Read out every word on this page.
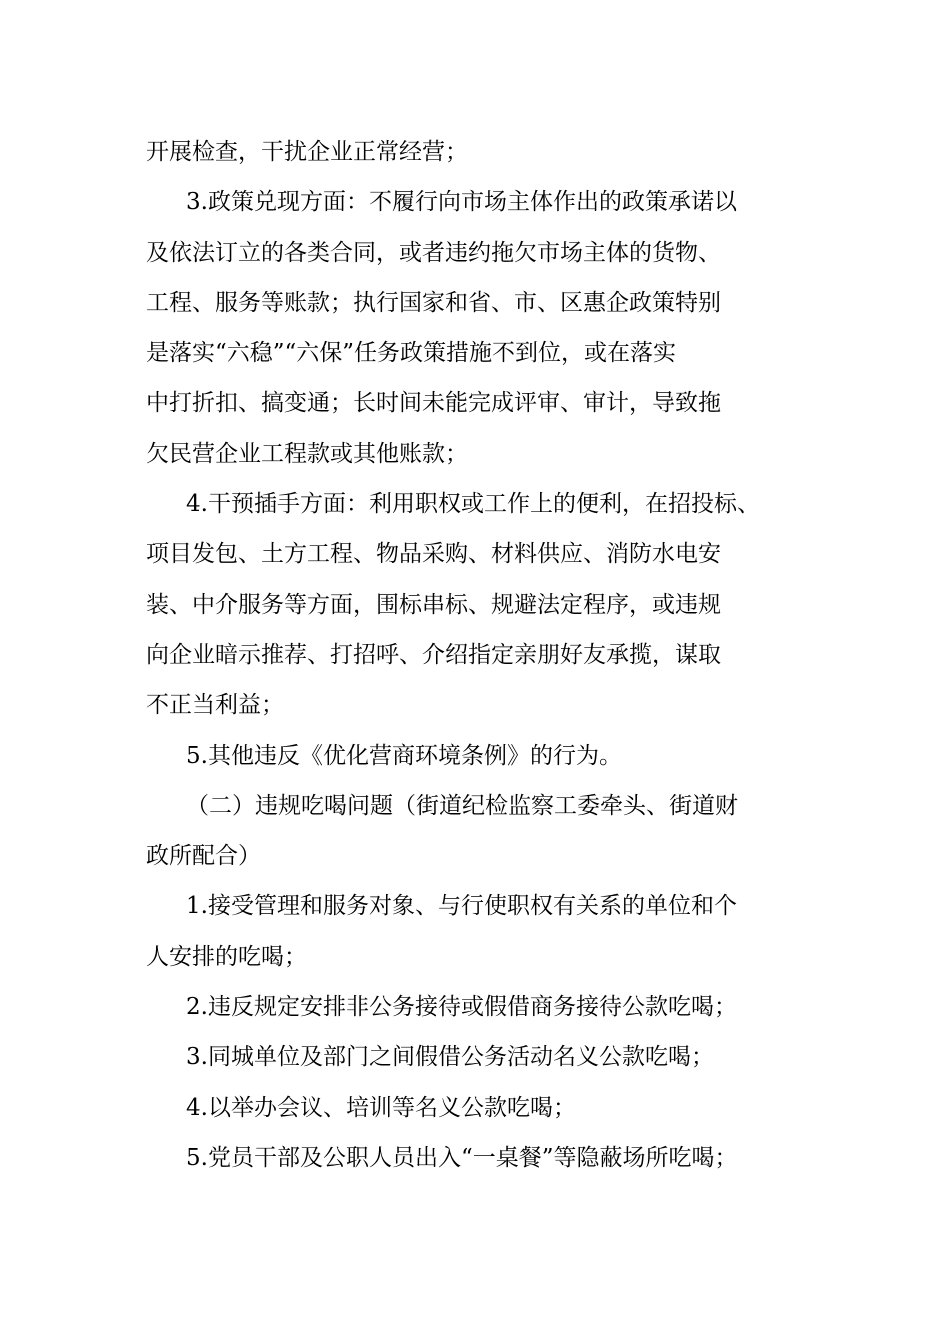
开展检查，干扰企业正常经营；
3.政策兑现方面：不履行向市场主体作出的政策承诺以
及依法订立的各类合同，或者违约拖欠市场主体的货物、
工程、服务等账款；执行国家和省、市、区惠企政策特别
是落实“六稳”“六保”任务政策措施不到位，或在落实
中打折扣、搞变通；长时间未能完成评审、审计，导致拖
欠民营企业工程款或其他账款；
4.干预插手方面：利用职权或工作上的便利，在招投标、
项目发包、土方工程、物品采购、材料供应、消防水电安
装、中介服务等方面，围标串标、规避法定程序，或违规
向企业暗示推荐、打招呼、介绍指定亲朋好友承揽，谋取
不正当利益；
5.其他违反《优化营商环境条例》的行为。
（二）违规吃喝问题（街道纪检监察工委牵头、街道财
政所配合）
1.接受管理和服务对象、与行使职权有关系的单位和个
人安排的吃喝；
2.违反规定安排非公务接待或假借商务接待公款吃喝；
3.同城单位及部门之间假借公务活动名义公款吃喝；
4.以举办会议、培训等名义公款吃喝；
5.党员干部及公职人员出入“一桌餐”等隐蔽场所吃喝；
